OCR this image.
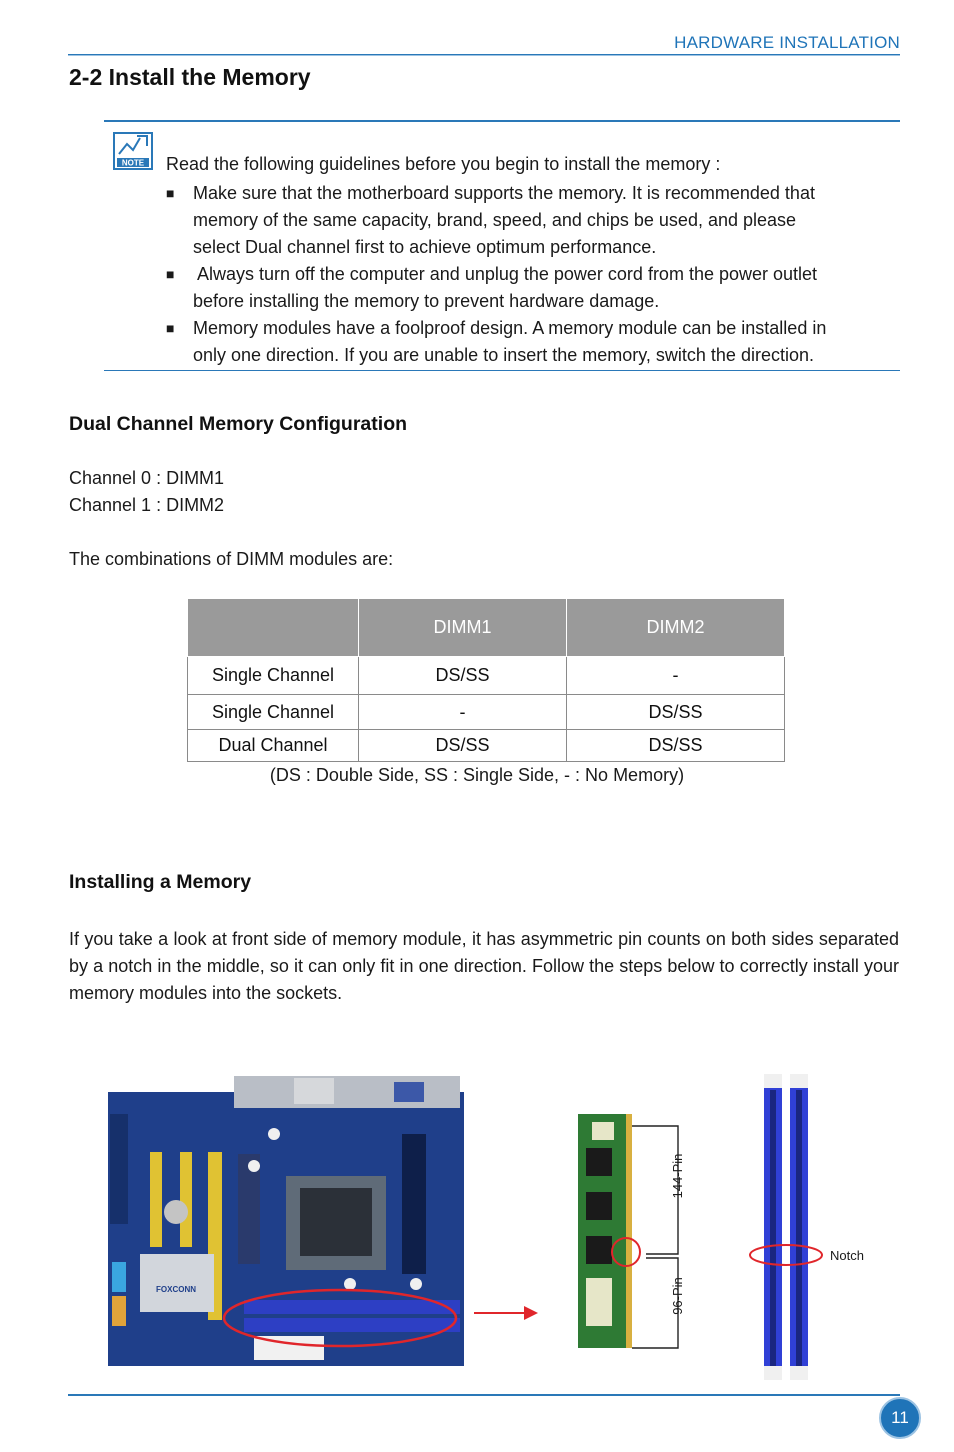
HARDWARE INSTALLATION
2-2 Install the Memory
NOTE Read the following guidelines before you begin to install the memory :
■ Make sure that the motherboard supports the memory. It is recommended that
memory of the same capacity, brand, speed, and chips be used, and please
select Dual channel first to achieve optimum performance.
■ Always turn off the computer and unplug the power cord from the power outlet
before installing the memory to prevent hardware damage.
■ Memory modules have a foolproof design. A memory module can be installed in
only one direction. If you are unable to insert the memory, switch the direction.
Dual Channel Memory Configuration
Channel 0 : DIMM1
Channel 1 : DIMM2
The combinations of DIMM modules are:
	DIMM1	DIMM2
Single Channel	DS/SS	-
Single Channel	-	DS/SS
Dual Channel	DS/SS	DS/SS
(DS : Double Side, SS : Single Side, - : No Memory)
Installing a Memory
If you take a look at front side of memory module, it has asymmetric pin counts on both sides separated by a notch in the middle, so it can only fit in one direction. Follow the steps below to correctly install your memory modules into the sockets.
FOXCONN
144-Pin
96-Pin
Notch
11
